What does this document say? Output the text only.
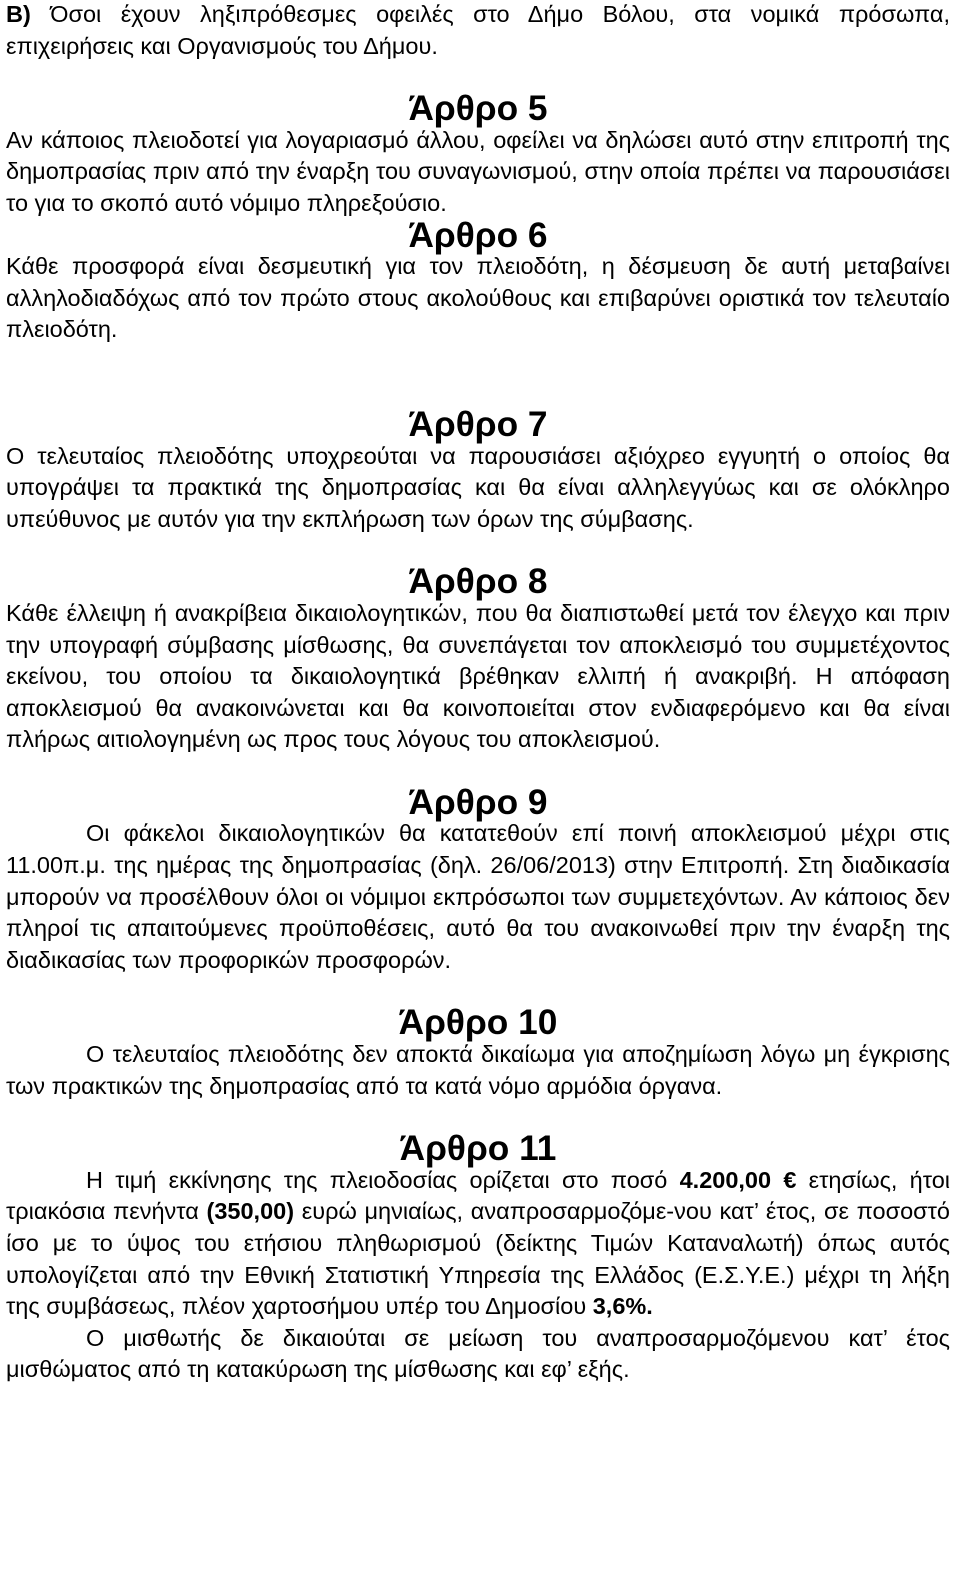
B) Όσοι έχουν ληξιπρόθεσμες οφειλές στο Δήμο Βόλου, στα νομικά πρόσωπα, επιχειρήσεις και Οργανισμούς του Δήμου.

Άρθρο 5

Αν κάποιος πλειοδοτεί για λογαριασμό άλλου, οφείλει να δηλώσει αυτό στην επιτροπή της δημοπρασίας πριν από την έναρξη του συναγωνισμού, στην οποία πρέπει να παρουσιάσει το για το σκοπό αυτό νόμιμο πληρεξούσιο.

Άρθρο 6

Κάθε προσφορά είναι δεσμευτική για τον πλειοδότη, η δέσμευση δε αυτή μεταβαίνει αλληλοδιαδόχως από τον πρώτο στους ακολούθους και επιβαρύνει οριστικά τον τελευταίο πλειοδότη.

Άρθρο 7

Ο τελευταίος πλειοδότης υποχρεούται να παρουσιάσει αξιόχρεο εγγυητή ο οποίος θα υπογράψει τα πρακτικά της δημοπρασίας και θα είναι αλληλεγγύως και σε ολόκληρο υπεύθυνος με αυτόν για την εκπλήρωση των όρων της σύμβασης.

Άρθρο 8

Κάθε έλλειψη ή ανακρίβεια δικαιολογητικών, που θα διαπιστωθεί μετά τον έλεγχο και πριν την υπογραφή σύμβασης μίσθωσης, θα συνεπάγεται τον αποκλεισμό του συμμετέχοντος εκείνου, του οποίου τα δικαιολογητικά βρέθηκαν ελλιπή ή ανακριβή. Η απόφαση αποκλεισμού θα ανακοινώνεται και θα κοινοποιείται στον ενδιαφερόμενο και θα είναι πλήρως αιτιολογημένη ως προς τους λόγους του αποκλεισμού.

Άρθρο 9

Οι φάκελοι δικαιολογητικών θα κατατεθούν επί ποινή αποκλεισμού μέχρι στις 11.00π.μ. της ημέρας της δημοπρασίας (δηλ. 26/06/2013) στην Επιτροπή. Στη διαδικασία μπορούν να προσέλθουν όλοι οι νόμιμοι εκπρόσωποι των συμμετεχόντων. Αν κάποιος δεν πληροί τις απαιτούμενες προϋποθέσεις, αυτό θα του ανακοινωθεί πριν την έναρξη της διαδικασίας των προφορικών προσφορών.

Άρθρο 10

Ο τελευταίος πλειοδότης δεν αποκτά δικαίωμα για αποζημίωση λόγω μη έγκρισης των πρακτικών της δημοπρασίας από τα κατά νόμο αρμόδια όργανα.

Άρθρο 11

Η τιμή εκκίνησης της πλειοδοσίας ορίζεται στο ποσό 4.200,00 € ετησίως, ήτοι τριακόσια πενήντα (350,00) ευρώ μηνιαίως, αναπροσαρμοζόμε-νου κατ’ έτος, σε ποσοστό ίσο με το ύψος του ετήσιου πληθωρισμού (δείκτης Τιμών Καταναλωτή) όπως αυτός υπολογίζεται από την Εθνική Στατιστική Υπηρεσία της Ελλάδος (Ε.Σ.Υ.Ε.) μέχρι τη λήξη της συμβάσεως, πλέον χαρτοσήμου υπέρ του Δημοσίου 3,6%.

Ο μισθωτής δε δικαιούται σε μείωση του αναπροσαρμοζόμενου κατ’ έτος μισθώματος από τη κατακύρωση της μίσθωσης και εφ’ εξής.
